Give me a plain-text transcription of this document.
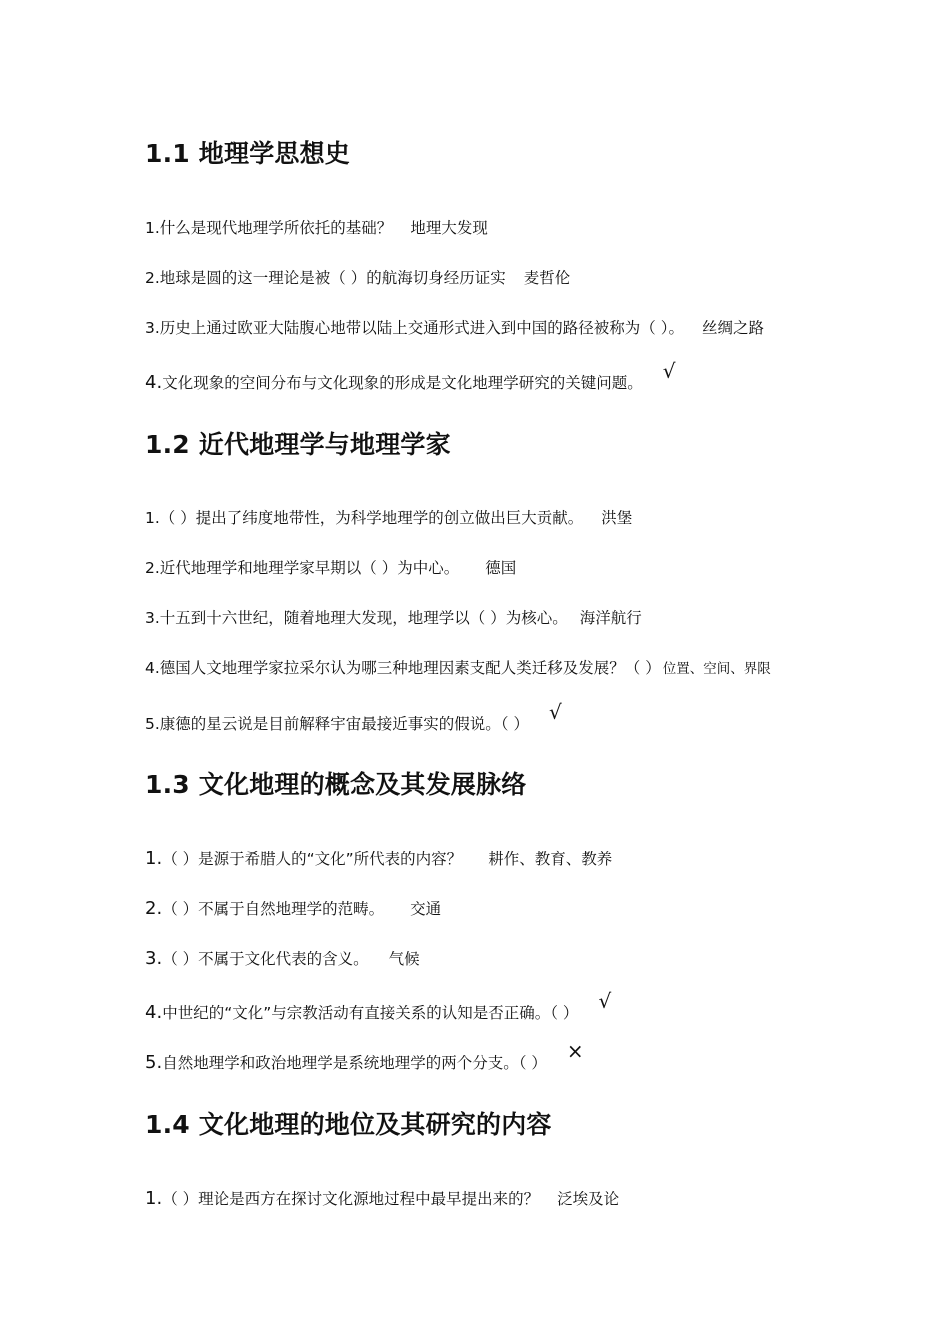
1.1 地理学思想史

1.什么是现代地理学所依托的基础？ 地理大发现

2.地球是圆的这一理论是被（ ）的航海切身经历证实 麦哲伦

3.历史上通过欧亚大陆腹心地带以陆上交通形式进入到中国的路径被称为（ ）。 丝绸之路

4.文化现象的空间分布与文化现象的形成是文化地理学研究的关键问题。 √

1.2 近代地理学与地理学家

1.（ ）提出了纬度地带性，为科学地理学的创立做出巨大贡献。 洪堡

2.近代地理学和地理学家早期以（ ）为中心。 德国

3.十五到十六世纪，随着地理大发现，地理学以（ ）为核心。 海洋航行

4.德国人文地理学家拉采尔认为哪三种地理因素支配人类迁移及发展？（ ） 位置、空间、界限

5.康德的星云说是目前解释宇宙最接近事实的假说。（ ） √

1.3 文化地理的概念及其发展脉络

1.（ ）是源于希腊人的“文化”所代表的内容？ 耕作、教育、教养

2.（ ）不属于自然地理学的范畴。 交通

3.（ ）不属于文化代表的含义。 气候

4.中世纪的“文化”与宗教活动有直接关系的认知是否正确。（ ） √

5.自然地理学和政治地理学是系统地理学的两个分支。（ ） ×

1.4 文化地理的地位及其研究的内容

1.（ ）理论是西方在探讨文化源地过程中最早提出来的？ 泛埃及论
